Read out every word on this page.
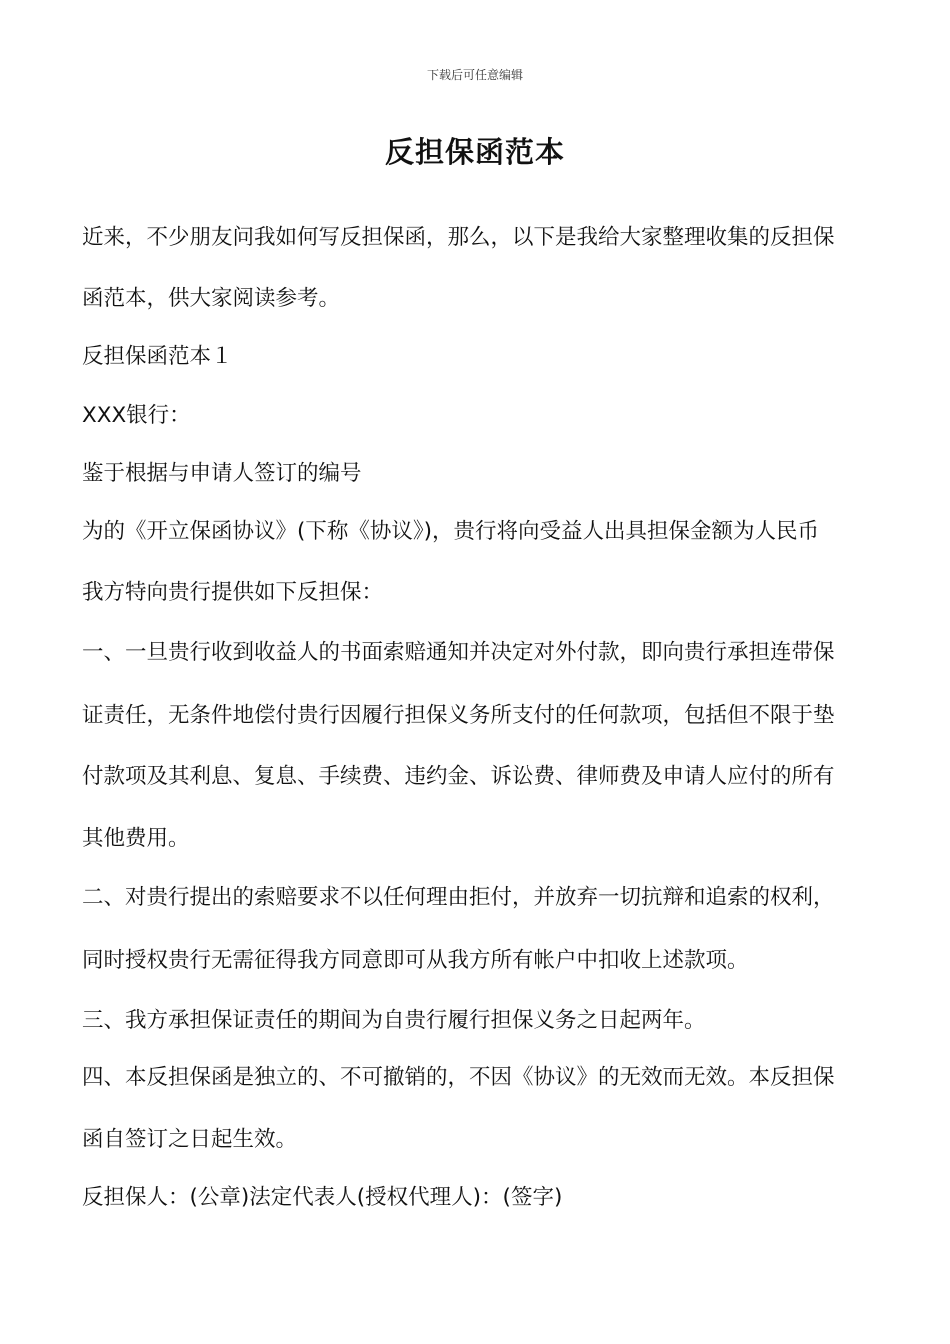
下载后可任意编辑
反担保函范本
近来，不少朋友问我如何写反担保函，那么，以下是我给大家整理收集的反担保
函范本，供大家阅读参考。
反担保函范本１
XXX银行：
鉴于根据与申请人签订的编号
为的《开立保函协议》(下称《协议》)，贵行将向受益人出具担保金额为人民币
我方特向贵行提供如下反担保：
一、一旦贵行收到收益人的书面索赔通知并决定对外付款，即向贵行承担连带保
证责任，无条件地偿付贵行因履行担保义务所支付的任何款项，包括但不限于垫
付款项及其利息、复息、手续费、违约金、诉讼费、律师费及申请人应付的所有
其他费用。
二、对贵行提出的索赔要求不以任何理由拒付，并放弃一切抗辩和追索的权利，
同时授权贵行无需征得我方同意即可从我方所有帐户中扣收上述款项。
三、我方承担保证责任的期间为自贵行履行担保义务之日起两年。
四、本反担保函是独立的、不可撤销的，不因《协议》的无效而无效。本反担保
函自签订之日起生效。
反担保人：(公章)法定代表人(授权代理人)：(签字)
